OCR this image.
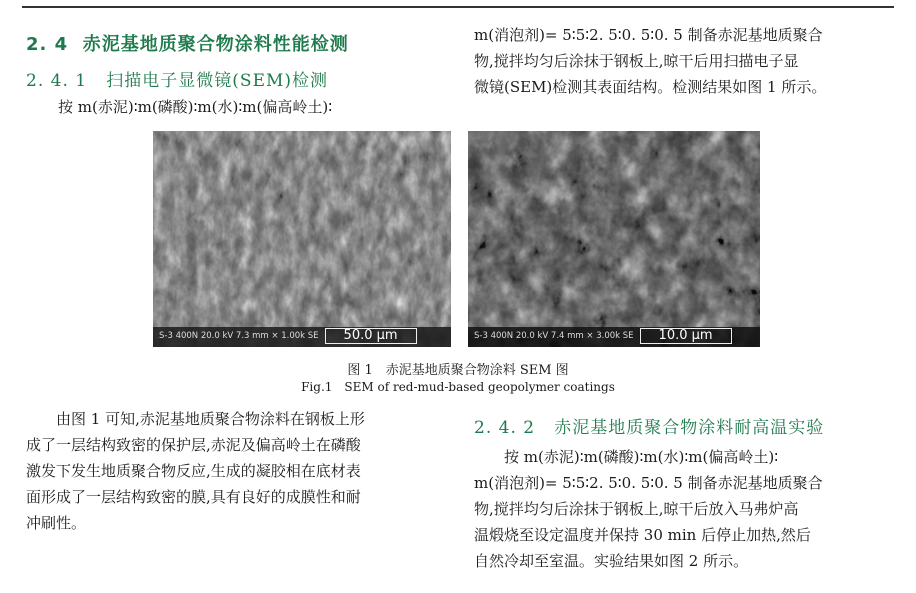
2. 4 赤泥基地质聚合物涂料性能检测
2. 4. 1 扫描电子显微镜(SEM)检测
按 m(赤泥)∶m(磷酸)∶m(水)∶m(偏高岭土)∶
m(消泡剂)= 5∶5∶2. 5∶0. 5∶0. 5 制备赤泥基地质聚合
物,搅拌均匀后涂抹于钢板上,晾干后用扫描电子显
微镜(SEM)检测其表面结构。检测结果如图 1 所示。
S-3 400N 20.0 kV 7.3 mm × 1.00k SE	50.0 μm	S-3 400N 20.0 kV 7.4 mm × 3.00k SE	10.0 μm
图 1　赤泥基地质聚合物涂料 SEM 图
Fig.1　SEM of red-mud-based geopolymer coatings
由图 1 可知,赤泥基地质聚合物涂料在钢板上形
成了一层结构致密的保护层,赤泥及偏高岭土在磷酸
激发下发生地质聚合物反应,生成的凝胶相在底材表
面形成了一层结构致密的膜,具有良好的成膜性和耐
冲刷性。
2. 4. 2 赤泥基地质聚合物涂料耐高温实验
按 m(赤泥)∶m(磷酸)∶m(水)∶m(偏高岭土)∶
m(消泡剂)= 5∶5∶2. 5∶0. 5∶0. 5 制备赤泥基地质聚合
物,搅拌均匀后涂抹于钢板上,晾干后放入马弗炉高
温煅烧至设定温度并保持 30 min 后停止加热,然后
自然冷却至室温。实验结果如图 2 所示。
